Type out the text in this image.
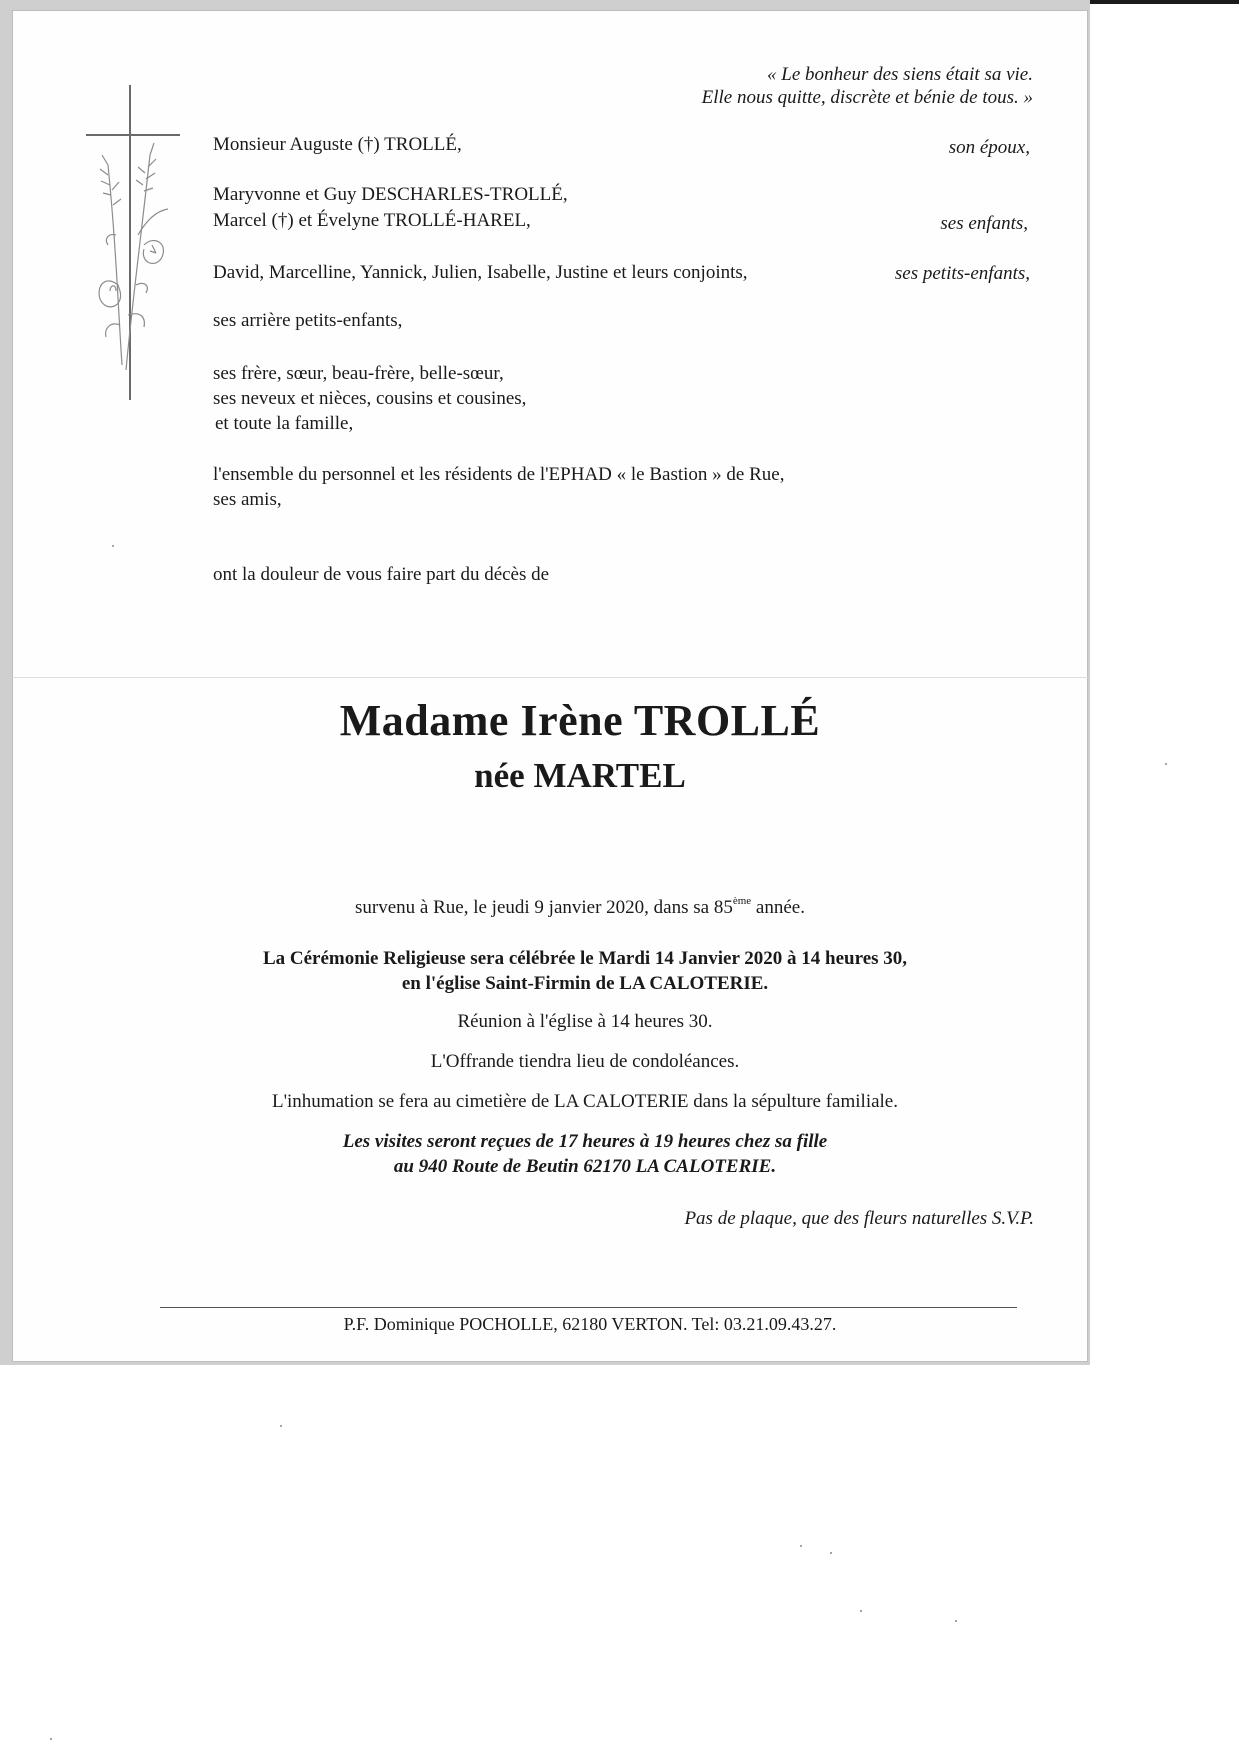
« Le bonheur des siens était sa vie.
Elle nous quitte, discrète et bénie de tous. »
Monsieur Auguste (†) TROLLÉ,	son époux,
Maryvonne et Guy DESCHARLES-TROLLÉ,
Marcel (†) et Évelyne TROLLÉ-HAREL,	ses enfants,
David, Marcelline, Yannick, Julien, Isabelle, Justine et leurs conjoints,	ses petits-enfants,
ses arrière petits-enfants,
ses frère, sœur, beau-frère, belle-sœur,
ses neveux et nièces, cousins et cousines,
et toute la famille,
l'ensemble du personnel et les résidents de l'EPHAD « le Bastion » de Rue,
ses amis,
ont la douleur de vous faire part du décès de
Madame Irène TROLLÉ
née MARTEL
survenu à Rue, le jeudi 9 janvier 2020, dans sa 85ème année.
La Cérémonie Religieuse sera célébrée le Mardi 14 Janvier 2020 à 14 heures 30,
en l'église Saint-Firmin de LA CALOTERIE.
Réunion à l'église à 14 heures 30.
L'Offrande tiendra lieu de condoléances.
L'inhumation se fera au cimetière de LA CALOTERIE dans la sépulture familiale.
Les visites seront reçues de 17 heures à 19 heures chez sa fille
au 940 Route de Beutin 62170 LA CALOTERIE.
Pas de plaque, que des fleurs naturelles S.V.P.
P.F. Dominique POCHOLLE, 62180 VERTON. Tel: 03.21.09.43.27.
